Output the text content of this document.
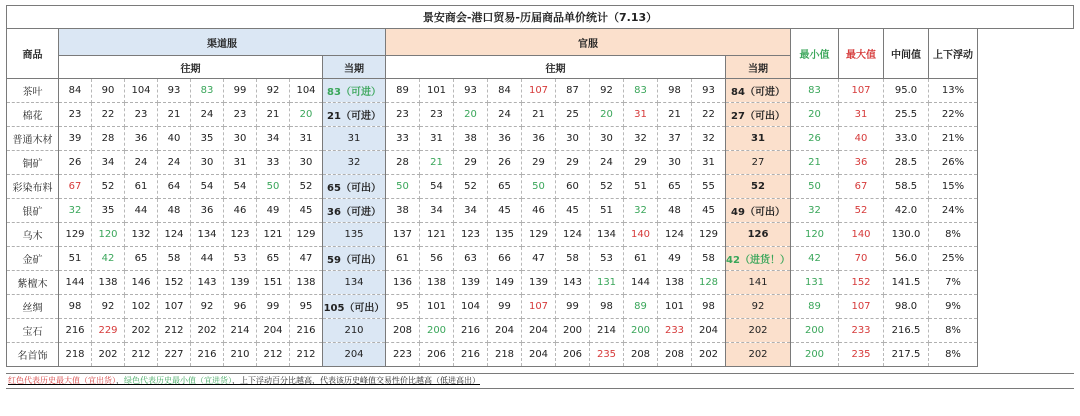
景安商会-港口贸易-历届商品单价统计（7.13）																								
商品	渠道服									官服											最小值	最大值	中间值	上下浮动
	往期								当期	往期										当期				
茶叶	84	90	104	93	83	99	92	104	83（可进）	89	101	93	84	107	87	92	83	98	93	84（可进）	83	107	95.0	13%
棉花	23	22	23	21	24	23	21	20	21（可进）	23	23	20	24	21	25	20	31	21	22	27（可出）	20	31	25.5	22%
普通木材	39	28	36	40	35	30	34	31	31	33	31	38	36	36	30	30	32	37	32	31	26	40	33.0	21%
铜矿	26	34	24	24	30	31	33	30	32	28	21	29	26	29	29	24	29	30	31	27	21	36	28.5	26%
彩染布料	67	52	61	64	54	54	50	52	65（可出）	50	54	52	65	50	60	52	51	65	55	52	50	67	58.5	15%
银矿	32	35	44	48	36	46	49	45	36（可进）	38	34	34	45	46	45	51	32	48	45	49（可出）	32	52	42.0	24%
乌木	129	120	132	124	134	123	121	129	135	137	121	123	135	129	124	134	140	124	129	126	120	140	130.0	8%
金矿	51	42	65	58	44	53	65	47	59（可出）	61	56	63	66	47	58	53	61	49	58	42（进货！）	42	70	56.0	25%
紫檀木	144	138	146	152	143	139	151	138	134	136	138	139	149	139	143	131	144	138	128	141	131	152	141.5	7%
丝绸	98	92	102	107	92	96	99	95	105（可出）	95	101	104	99	107	99	98	89	101	98	92	89	107	98.0	9%
宝石	216	229	202	212	202	214	204	216	210	208	200	216	204	204	200	214	200	233	204	202	200	233	216.5	8%
名首饰	218	202	212	227	216	210	212	212	204	223	206	216	218	204	206	235	208	208	202	202	200	235	217.5	8%
红色代表历史最大值（宜出货），绿色代表历史最小值（宜进货），上下浮动百分比越高，代表该历史峰值交易性价比越高（低进高出）
